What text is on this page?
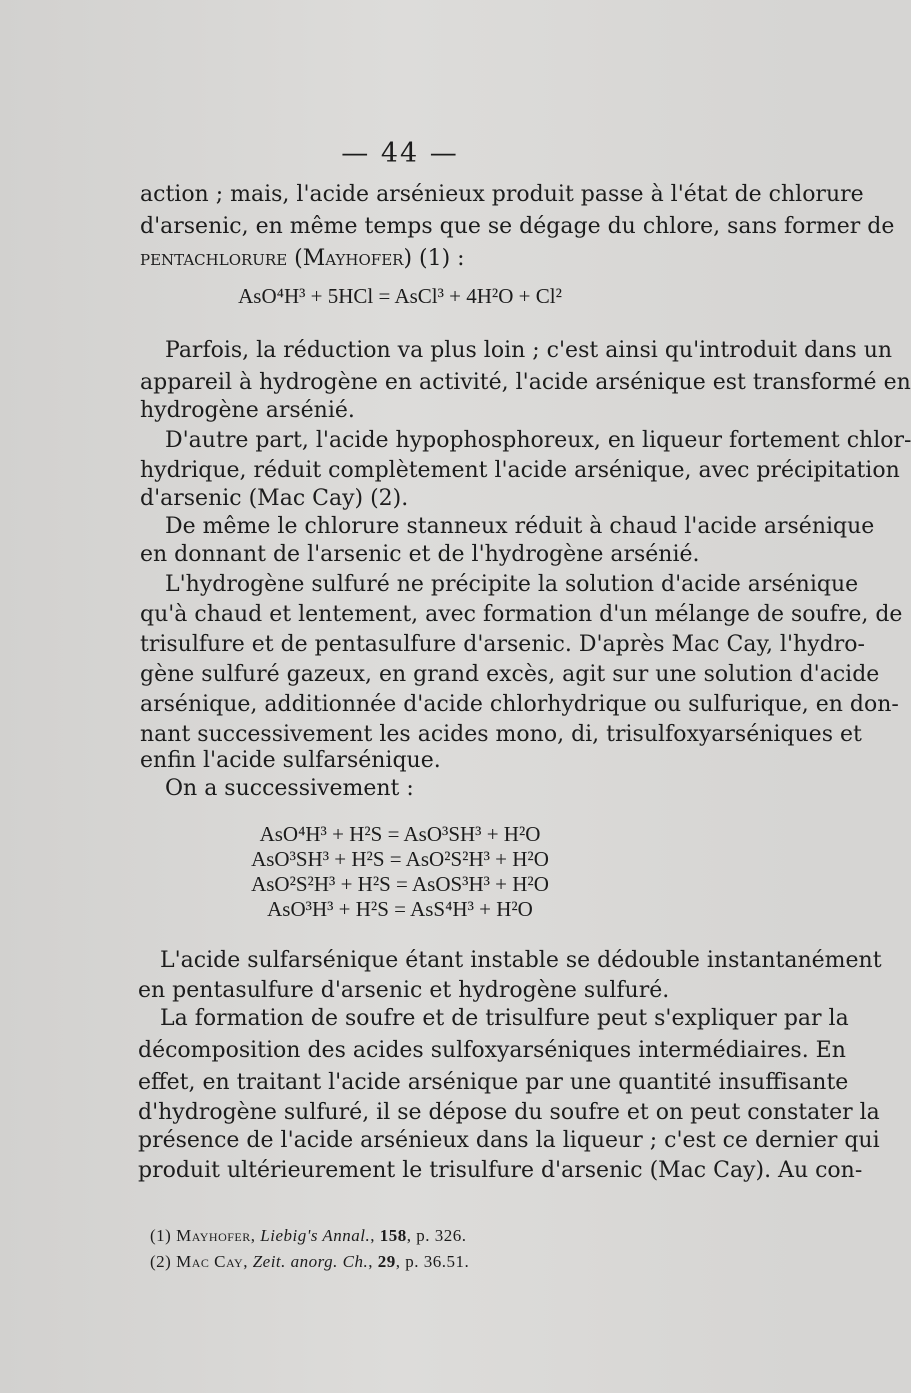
— 44 —
action ; mais, l'acide arsénieux produit passe à l'état de chlorure
d'arsenic, en même temps que se dégage du chlore, sans former de
pentachlorure (Mayhofer) (1) :
AsO⁴H³ + 5HCl = AsCl³ + 4H²O + Cl²
Parfois, la réduction va plus loin ; c'est ainsi qu'introduit dans un
appareil à hydrogène en activité, l'acide arsénique est transformé en
hydrogène arsénié.
D'autre part, l'acide hypophosphoreux, en liqueur fortement chlor-
hydrique, réduit complètement l'acide arsénique, avec précipitation
d'arsenic (Mac Cay) (2).
De même le chlorure stanneux réduit à chaud l'acide arsénique
en donnant de l'arsenic et de l'hydrogène arsénié.
L'hydrogène sulfuré ne précipite la solution d'acide arsénique
qu'à chaud et lentement, avec formation d'un mélange de soufre, de
trisulfure et de pentasulfure d'arsenic. D'après Mac Cay, l'hydro-
gène sulfuré gazeux, en grand excès, agit sur une solution d'acide
arsénique, additionnée d'acide chlorhydrique ou sulfurique, en don-
nant successivement les acides mono, di, trisulfoxyarséniques et
enfin l'acide sulfarsénique.
On a successivement :
AsO⁴H³ + H²S = AsO³SH³ + H²O
AsO³SH³ + H²S = AsO²S²H³ + H²O
AsO²S²H³ + H²S = AsOS³H³ + H²O
AsO³H³ + H²S = AsS⁴H³ + H²O
L'acide sulfarsénique étant instable se dédouble instantanément
en pentasulfure d'arsenic et hydrogène sulfuré.
La formation de soufre et de trisulfure peut s'expliquer par la
décomposition des acides sulfoxyarséniques intermédiaires. En
effet, en traitant l'acide arsénique par une quantité insuffisante
d'hydrogène sulfuré, il se dépose du soufre et on peut constater la
présence de l'acide arsénieux dans la liqueur ; c'est ce dernier qui
produit ultérieurement le trisulfure d'arsenic (Mac Cay). Au con-
(1) Mayhofer, Liebig's Annal., 158, p. 326.
(2) Mac Cay, Zeit. anorg. Ch., 29, p. 36.51.
